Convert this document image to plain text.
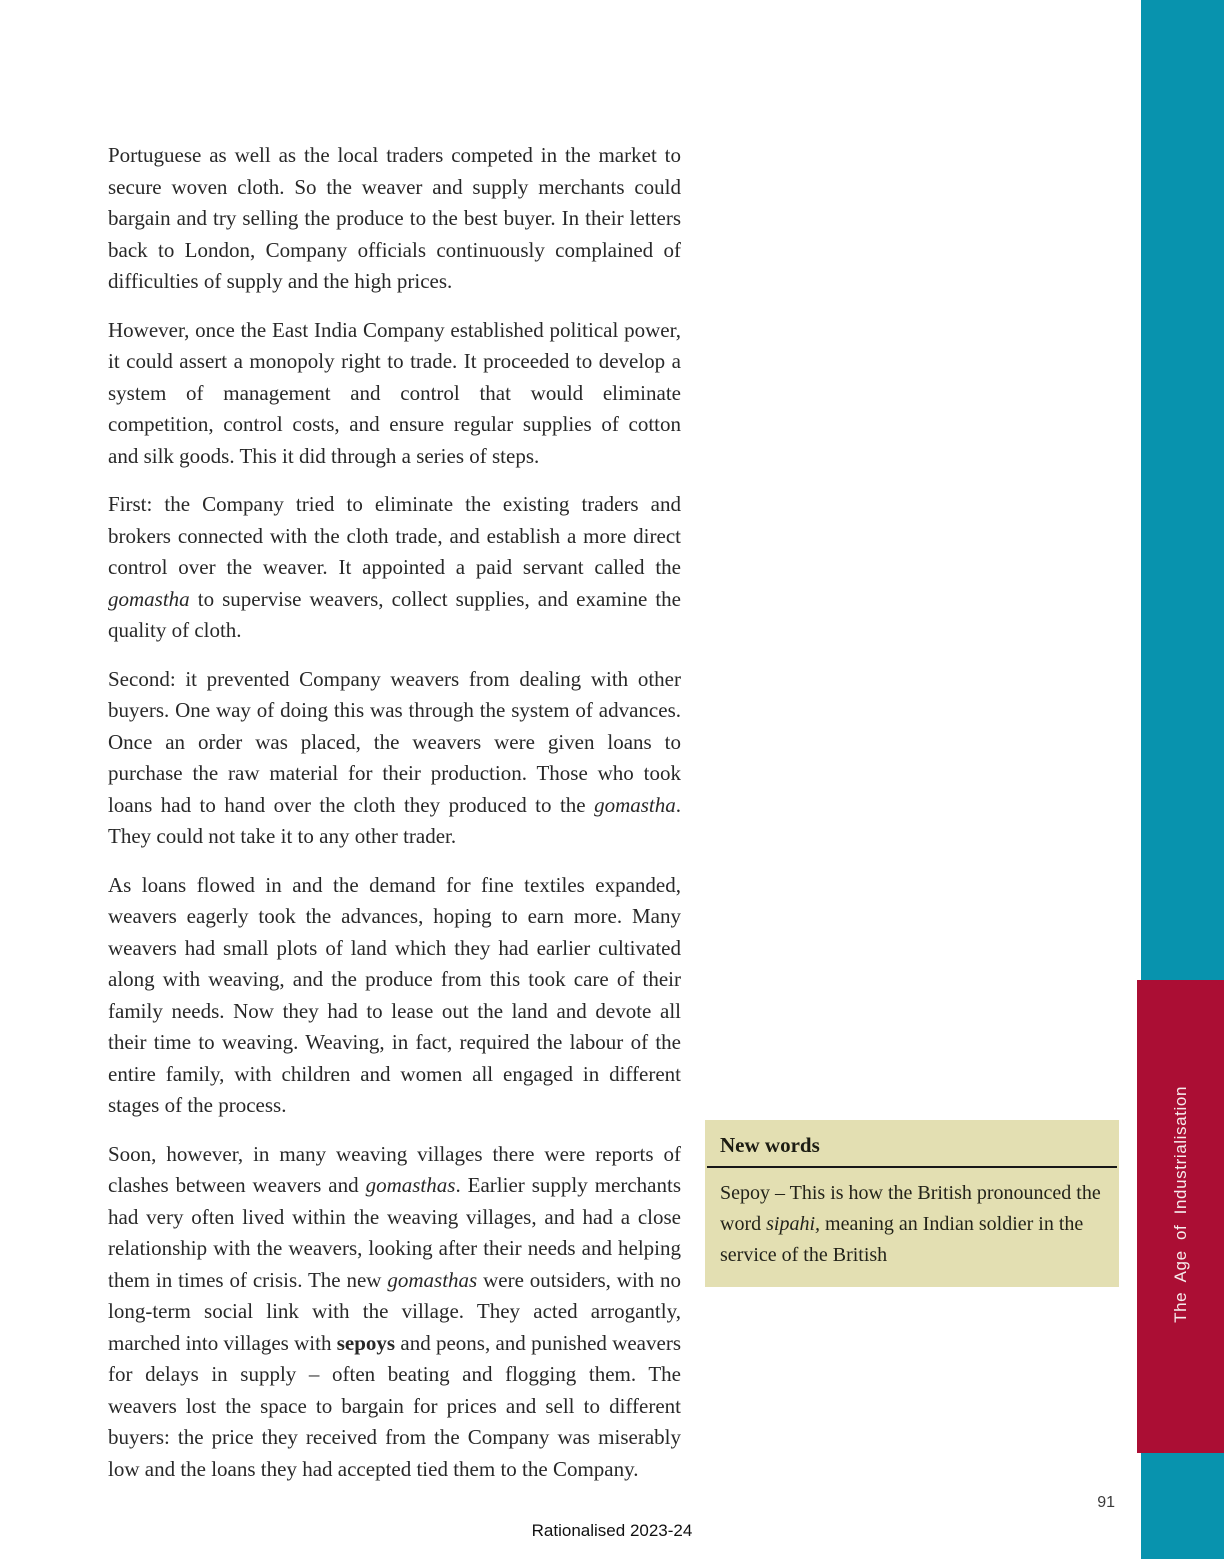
Portuguese as well as the local traders competed in the market to secure woven cloth. So the weaver and supply merchants could bargain and try selling the produce to the best buyer. In their letters back to London, Company officials continuously complained of difficulties of supply and the high prices.

However, once the East India Company established political power, it could assert a monopoly right to trade. It proceeded to develop a system of management and control that would eliminate competition, control costs, and ensure regular supplies of cotton and silk goods. This it did through a series of steps.

First: the Company tried to eliminate the existing traders and brokers connected with the cloth trade, and establish a more direct control over the weaver. It appointed a paid servant called the gomastha to supervise weavers, collect supplies, and examine the quality of cloth.

Second: it prevented Company weavers from dealing with other buyers. One way of doing this was through the system of advances. Once an order was placed, the weavers were given loans to purchase the raw material for their production. Those who took loans had to hand over the cloth they produced to the gomastha. They could not take it to any other trader.

As loans flowed in and the demand for fine textiles expanded, weavers eagerly took the advances, hoping to earn more. Many weavers had small plots of land which they had earlier cultivated along with weaving, and the produce from this took care of their family needs. Now they had to lease out the land and devote all their time to weaving. Weaving, in fact, required the labour of the entire family, with children and women all engaged in different stages of the process.

Soon, however, in many weaving villages there were reports of clashes between weavers and gomasthas. Earlier supply merchants had very often lived within the weaving villages, and had a close relationship with the weavers, looking after their needs and helping them in times of crisis. The new gomasthas were outsiders, with no long-term social link with the village. They acted arrogantly, marched into villages with sepoys and peons, and punished weavers for delays in supply – often beating and flogging them. The weavers lost the space to bargain for prices and sell to different buyers: the price they received from the Company was miserably low and the loans they had accepted tied them to the Company.

New words

Sepoy – This is how the British pronounced the word sipahi, meaning an Indian soldier in the service of the British	The Age of Industrialisation
91
Rationalised 2023-24
